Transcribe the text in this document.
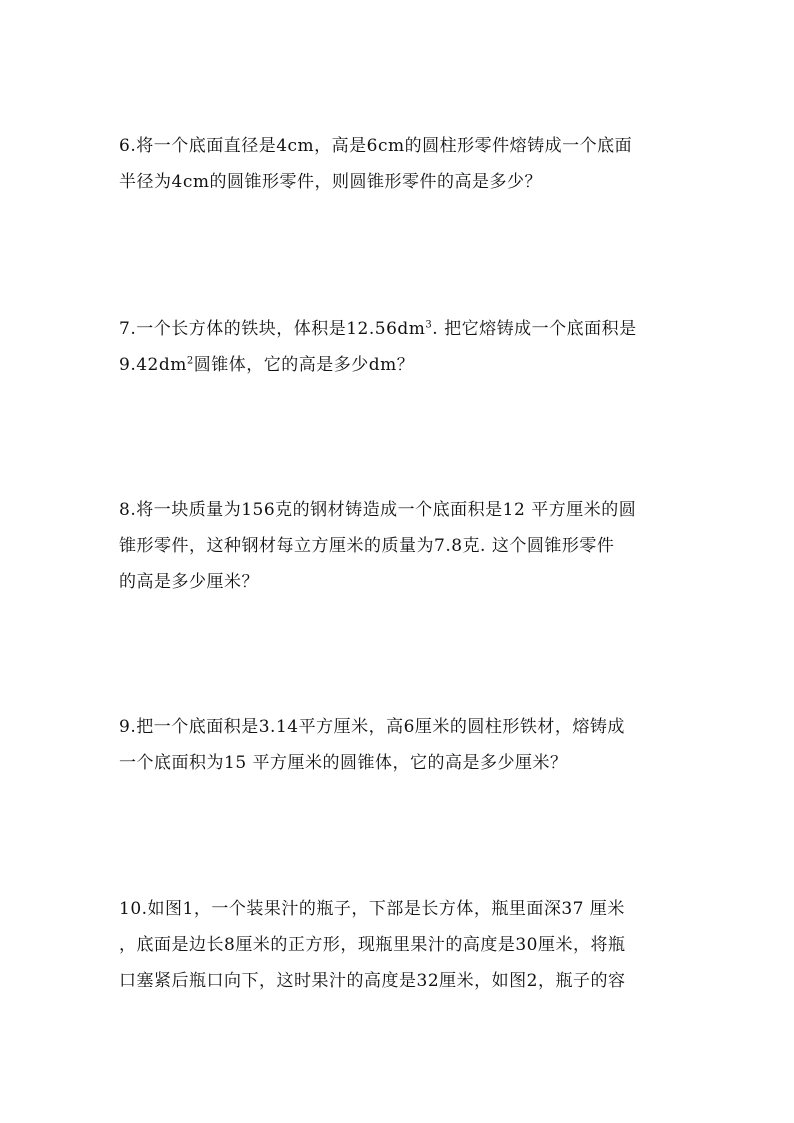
6.将一个底面直径是4cm，高是6cm的圆柱形零件熔铸成一个底面
半径为4cm的圆锥形零件，则圆锥形零件的高是多少？
7.一个长方体的铁块，体积是$12.56dm^3$. 把它熔铸成一个底面积是
$9.42dm^2$圆锥体，它的高是多少dm？
8.将一块质量为156克的钢材铸造成一个底面积是12 平方厘米的圆
锥形零件，这种钢材每立方厘米的质量为7.8克. 这个圆锥形零件
的高是多少厘米？
9.把一个底面积是3.14平方厘米，高6厘米的圆柱形铁材，熔铸成
一个底面积为15 平方厘米的圆锥体，它的高是多少厘米？
10.如图1，一个装果汁的瓶子，下部是长方体，瓶里面深37 厘米
，底面是边长8厘米的正方形，现瓶里果汁的高度是30厘米，将瓶
口塞紧后瓶口向下，这时果汁的高度是32厘米，如图2，瓶子的容
